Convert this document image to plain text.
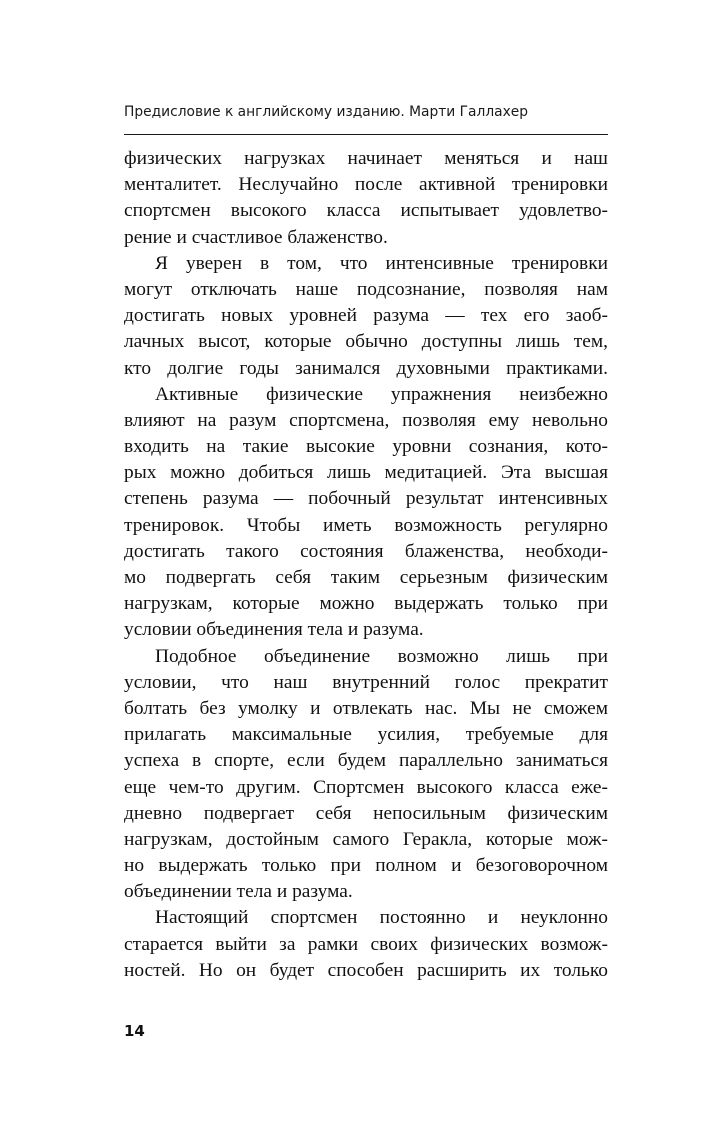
Предисловие к английскому изданию. Марти Галлахер

физических нагрузках начинает меняться и наш
менталитет. Неслучайно после активной тренировки
спортсмен высокого класса испытывает удовлетво-
рение и счастливое блаженство.

Я уверен в том, что интенсивные тренировки
могут отключать наше подсознание, позволяя нам
достигать новых уровней разума — тех его заоб-
лачных высот, которые обычно доступны лишь тем,
кто долгие годы занимался духовными практиками.

Активные физические упражнения неизбежно
влияют на разум спортсмена, позволяя ему невольно
входить на такие высокие уровни сознания, кото-
рых можно добиться лишь медитацией. Эта высшая
степень разума — побочный результат интенсивных
тренировок. Чтобы иметь возможность регулярно
достигать такого состояния блаженства, необходи-
мо подвергать себя таким серьезным физическим
нагрузкам, которые можно выдержать только при
условии объединения тела и разума.

Подобное объединение возможно лишь при
условии, что наш внутренний голос прекратит
болтать без умолку и отвлекать нас. Мы не сможем
прилагать максимальные усилия, требуемые для
успеха в спорте, если будем параллельно заниматься
еще чем-то другим. Спортсмен высокого класса еже-
дневно подвергает себя непосильным физическим
нагрузкам, достойным самого Геракла, которые мож-
но выдержать только при полном и безоговорочном
объединении тела и разума.

Настоящий спортсмен постоянно и неуклонно
старается выйти за рамки своих физических возмож-
ностей. Но он будет способен расширить их только

14
